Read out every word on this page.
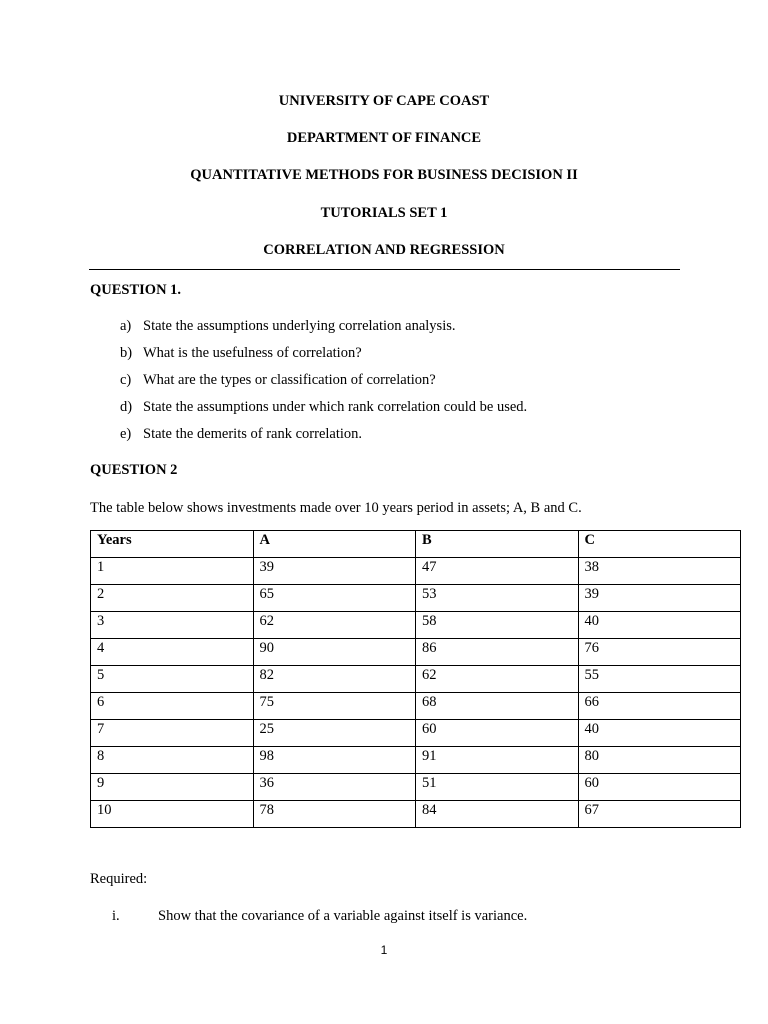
UNIVERSITY OF CAPE COAST

DEPARTMENT OF FINANCE

QUANTITATIVE METHODS FOR BUSINESS DECISION II

TUTORIALS SET 1

CORRELATION AND REGRESSION

QUESTION 1.

a) State the assumptions underlying correlation analysis.
b) What is the usefulness of correlation?
c) What are the types or classification of correlation?
d) State the assumptions under which rank correlation could be used.
e) State the demerits of rank correlation.

QUESTION 2

The table below shows investments made over 10 years period in assets; A, B and C.

Years	A	B	C
1	39	47	38
2	65	53	39
3	62	58	40
4	90	86	76
5	82	62	55
6	75	68	66
7	25	60	40
8	98	91	80
9	36	51	60
10	78	84	67

Required:

i.	Show that the covariance of a variable against itself is variance.
1
